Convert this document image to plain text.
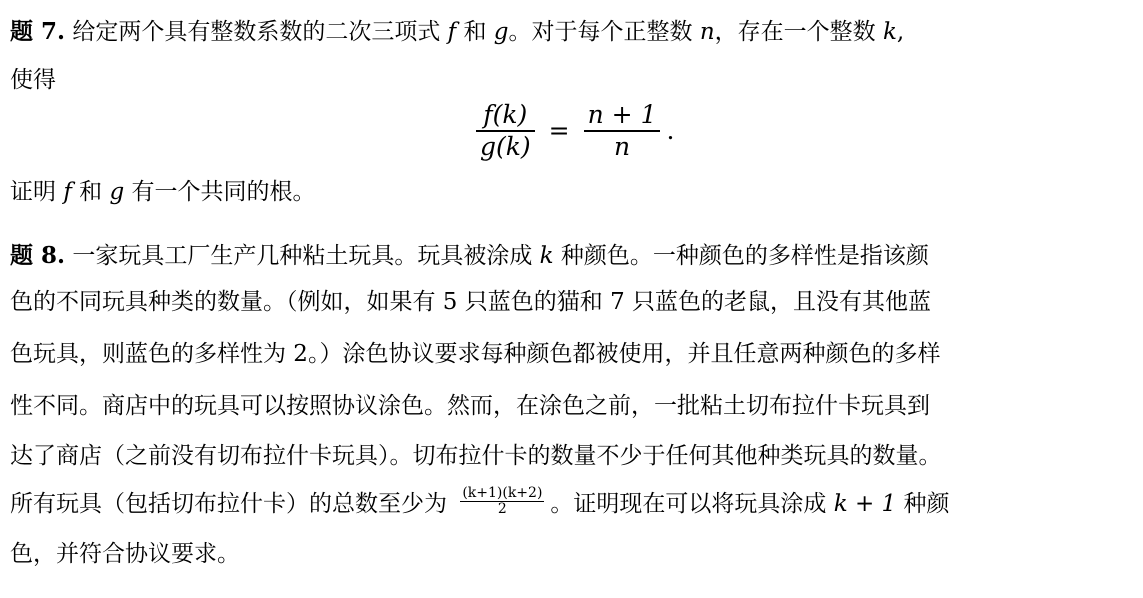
题 7. 给定两个具有整数系数的二次三项式 f 和 g。对于每个正整数 n，存在一个整数 k,
使得
证明 f 和 g 有一个共同的根。
$\frac{f(k)}{g(k)} = \frac{n + 1}{n}$ .
题 8. 一家玩具工厂生产几种粘土玩具。玩具被涂成 k 种颜色。一种颜色的多样性是指该颜
色的不同玩具种类的数量。（例如，如果有 5 只蓝色的猫和 7 只蓝色的老鼠，且没有其他蓝
色玩具，则蓝色的多样性为 2。）涂色协议要求每种颜色都被使用，并且任意两种颜色的多样
性不同。商店中的玩具可以按照协议涂色。然而，在涂色之前，一批粘土切布拉什卡玩具到
达了商店（之前没有切布拉什卡玩具）。切布拉什卡的数量不少于任何其他种类玩具的数量。
所有玩具（包括切布拉什卡）的总数至少为 $\frac{(k+1)(k+2)}{2}$ 。证明现在可以将玩具涂成 k + 1 种颜
色，并符合协议要求。
